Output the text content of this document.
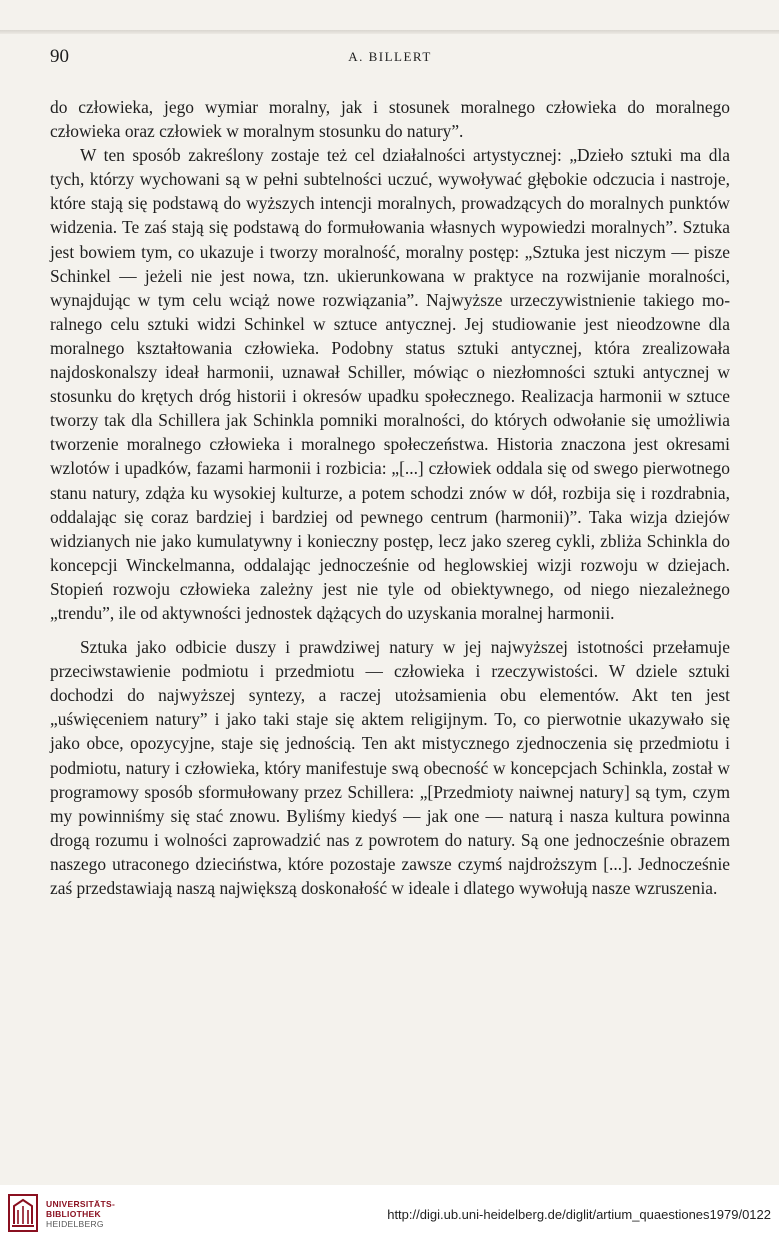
90	A. BILLERT

do człowieka, jego wymiar moralny, jak i stosunek moralnego człowieka do moralnego człowieka oraz człowiek w moralnym stosunku do natury”.

W ten sposób zakreślony zostaje też cel działalności artystycznej: „Dzieło sztuki ma dla tych, którzy wychowani są w pełni subtelności uczuć, wywoływać głębokie odczucia i nastroje, które stają się podstawą do wyższych intencji moralnych, prowadzących do moralnych punktów widzenia. Te zaś stają się podstawą do formułowania własnych wypowiedzi moralnych”. Sztuka jest bowiem tym, co ukazuje i tworzy moralność, moralny postęp: „Sztuka jest niczym — pisze Schinkel — jeżeli nie jest nowa, tzn. ukierunkowana w praktyce na rozwijanie moralności, wynajdując w tym celu wciąż nowe rozwiązania”. Najwyższe urzeczywistnienie takiego moralnego celu sztuki widzi Schinkel w sztuce antycznej. Jej studiowanie jest nieodzowne dla moralnego kształtowania człowieka. Podobny status sztuki antycznej, która zrealizowała najdoskonalszy ideał harmonii, uznawał Schiller, mówiąc o niezłomności sztuki antycznej w stosunku do krętych dróg historii i okresów upadku społecznego. Realizacja harmonii w sztuce tworzy tak dla Schillera jak Schinkla pomniki moralności, do których odwołanie się umożliwia tworzenie moralnego człowieka i moralnego społeczeństwa. Historia znaczona jest okresami wzlotów i upadków, fazami harmonii i rozbicia: „[...] człowiek oddala się od swego pierwotnego stanu natury, zdąża ku wysokiej kulturze, a potem schodzi znów w dół, rozbija się i rozdrabnia, oddalając się coraz bardziej i bardziej od pewnego centrum (harmonii)”. Taka wizja dziejów widzianych nie jako kumulatywny i konieczny postęp, lecz jako szereg cykli, zbliża Schinkla do koncepcji Winckelmanna, oddalając jednocześnie od heglowskiej wizji rozwoju w dziejach. Stopień rozwoju człowieka zależny jest nie tyle od obiektywnego, od niego niezależnego „trendu”, ile od aktywności jednostek dążących do uzyskania moralnej harmonii.

Sztuka jako odbicie duszy i prawdziwej natury w jej najwyższej istotności przełamuje przeciwstawienie podmiotu i przedmiotu — człowieka i rzeczywistości. W dziele sztuki dochodzi do najwyższej syntezy, a raczej utożsamienia obu elementów. Akt ten jest „uświęceniem natury” i jako taki staje się aktem religijnym. To, co pierwotnie ukazywało się jako obce, opozycyjne, staje się jednością. Ten akt mistycznego zjednoczenia się przedmiotu i podmiotu, natury i człowieka, który manifestuje swą obecność w koncepcjach Schinkla, został w programowy sposób sformułowany przez Schillera: „[Przedmioty naiwnej natury] są tym, czym my powinniśmy się stać znowu. Byliśmy kiedyś — jak one — naturą i nasza kultura powinna drogą rozumu i wolności zaprowadzić nas z powrotem do natury. Są one jednocześnie obrazem naszego utraconego dzieciństwa, które pozostaje zawsze czymś najdroższym [...]. Jednocześnie zaś przedstawiają naszą największą doskonałość w ideale i dlatego wywołują nasze wzruszenia.

UNIVERSITÄTS-
BIBLIOTHEK
HEIDELBERG
http://digi.ub.uni-heidelberg.de/diglit/artium_quaestiones1979/0122
